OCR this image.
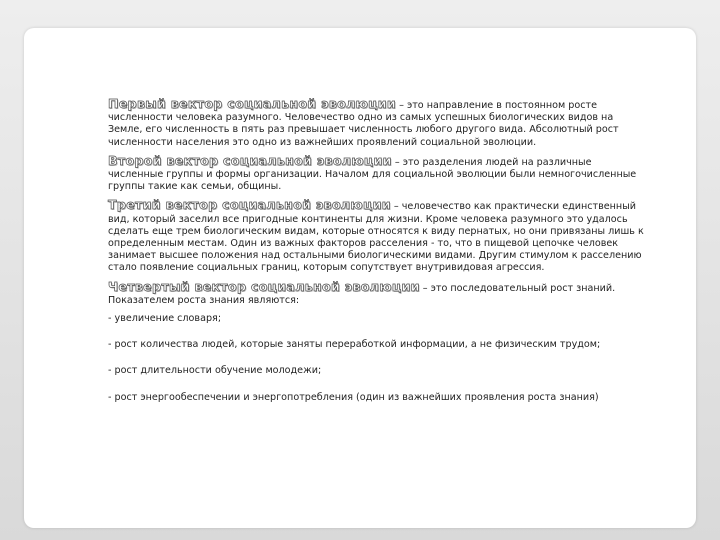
Первый вектор социальной эволюции – это направление в постоянном росте численности человека разумного. Человечество одно из самых успешных биологических видов на Земле, его численность в пять раз превышает численность любого другого вида. Абсолютный рост численности населения это одно из важнейших проявлений социальной эволюции.

Второй вектор социальной эволюции – это разделения людей на различные численные группы и формы организации. Началом для социальной эволюции были немногочисленные группы такие как семьи, общины.

Третий вектор социальной эволюции – человечество как практически единственный вид, который заселил все пригодные континенты для жизни. Кроме человека разумного это удалось сделать еще трем биологическим видам, которые относятся к виду пернатых, но они привязаны лишь к определенным местам. Один из важных факторов расселения - то, что в пищевой цепочке человек занимает высшее положения над остальными биологическими видами. Другим стимулом к расселению стало появление социальных границ, которым сопутствует внутривидовая агрессия.

Четвертый вектор социальной эволюции – это последовательный рост знаний. Показателем роста знания являются:

- увеличение словаря;

- рост количества людей, которые заняты переработкой информации, а не физическим трудом;

- рост длительности обучение молодежи;

- рост энергообеспечении и энергопотребления (один из важнейших проявления роста знания)
